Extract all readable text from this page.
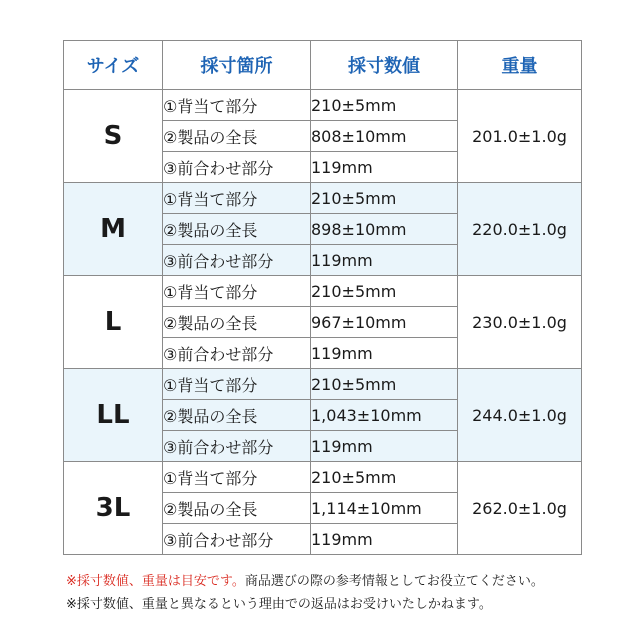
サイズ	採寸箇所	採寸数値	重量
S	①背当て部分	210±5mm	201.0±1.0g
	②製品の全長	808±10mm	
	③前合わせ部分	119mm	
M	①背当て部分	210±5mm	220.0±1.0g
	②製品の全長	898±10mm	
	③前合わせ部分	119mm	
L	①背当て部分	210±5mm	230.0±1.0g
	②製品の全長	967±10mm	
	③前合わせ部分	119mm	
LL	①背当て部分	210±5mm	244.0±1.0g
	②製品の全長	1,043±10mm	
	③前合わせ部分	119mm	
3L	①背当て部分	210±5mm	262.0±1.0g
	②製品の全長	1,114±10mm	
	③前合わせ部分	119mm	
※採寸数値、重量は目安です。商品選びの際の参考情報としてお役立てください。
※採寸数値、重量と異なるという理由での返品はお受けいたしかねます。
